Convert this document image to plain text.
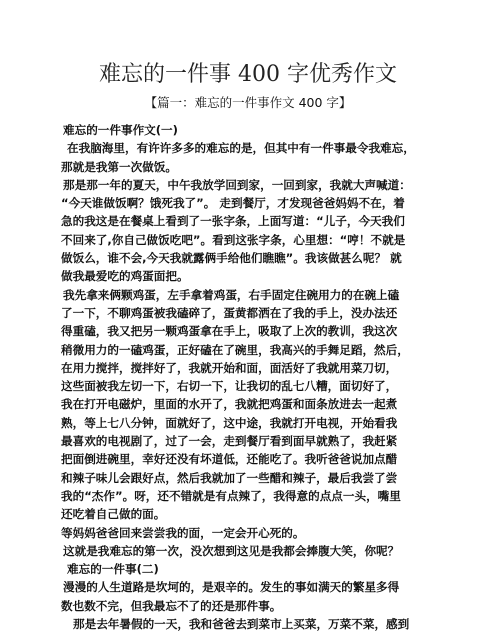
难忘的一件事 400 字优秀作文
【篇一：难忘的一件事作文 400 字】
难忘的一件事作文(一)
在我脑海里，有许许多多的难忘的是，但其中有一件事最令我难忘，
那就是我第一次做饭。
那是那一年的夏天，中午我放学回到家，一回到家，我就大声喊道：
“今天谁做饭啊？饿死我了”。 走到餐厅，才发现爸爸妈妈不在，着
急的我这是在餐桌上看到了一张字条，上面写道：“儿子，今天我们
不回来了,你自己做饭吃吧”。看到这张字条，心里想：“哼！不就是
做饭么，谁不会,今天我就露俩手给他们瞧瞧”。我该做甚么呢？ 就
做我最爱吃的鸡蛋面把。
我先拿来俩颗鸡蛋，左手拿着鸡蛋，右手固定住碗用力的在碗上磕
了一下，不聊鸡蛋被我磕碎了，蛋黄都洒在了我的手上，没办法还
得重磕，我又把另一颗鸡蛋拿在手上，吸取了上次的教训，我这次
稍微用力的一磕鸡蛋，正好磕在了碗里，我高兴的手舞足蹈，然后，
在用力搅拌，搅拌好了，我就开始和面，面活好了我就用菜刀切，
这些面被我左切一下，右切一下，让我切的乱七八糟，面切好了，
我在打开电磁炉，里面的水开了，我就把鸡蛋和面条放进去一起煮
熟，等上七八分钟，面就好了，这中途，我就打开电视，开始看我
最喜欢的电视剧了，过了一会，走到餐厅看到面早就熟了，我赶紧
把面倒进碗里，幸好还没有坏道低，还能吃了。我听爸爸说加点醋
和辣子味儿会跟好点，然后我就加了一些醋和辣子，最后我尝了尝
我的“杰作”。呀，还不错就是有点辣了，我得意的点点一头，嘴里
还吃着自己做的面。
等妈妈爸爸回来尝尝我的面，一定会开心死的。
这就是我难忘的第一次，没次想到这见是我都会捧腹大笑，你呢？
难忘的一件事(二)
漫漫的人生道路是坎坷的，是艰辛的。发生的事如满天的繁星多得
数也数不完，但我最忘不了的还是那件事。
那是去年暑假的一天，我和爸爸去到菜市上买菜，万菜不菜，感到
